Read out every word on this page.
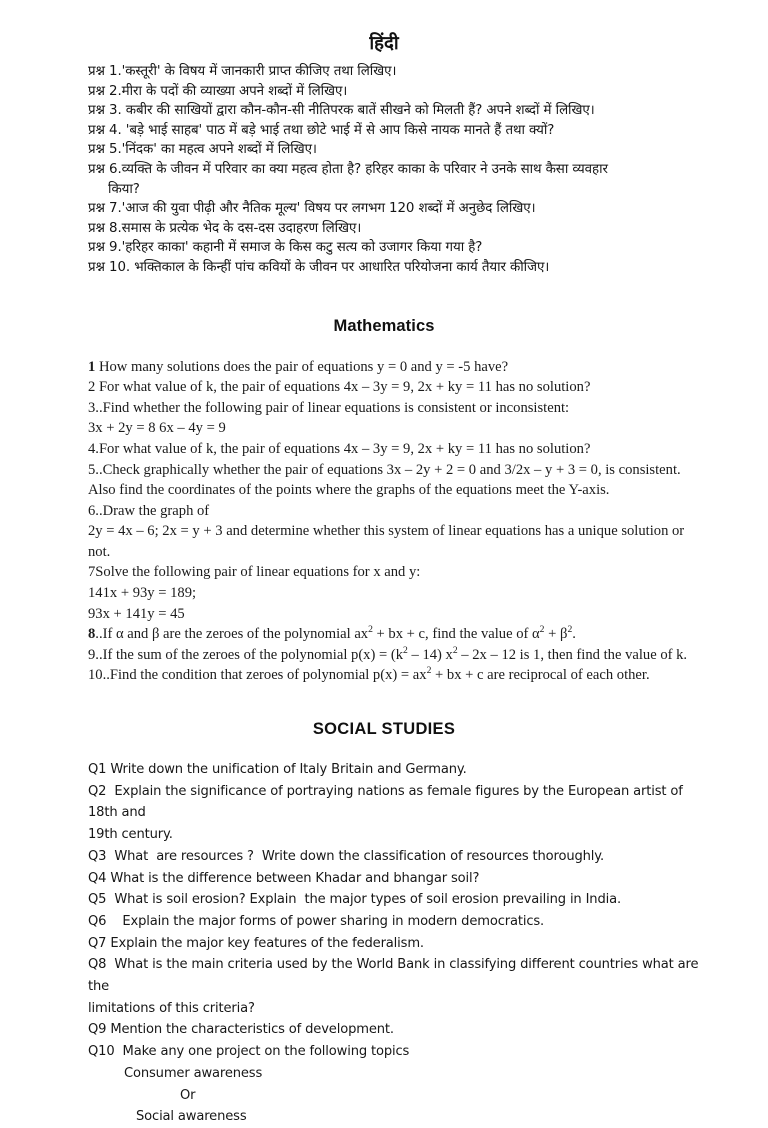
हिंदी
प्रश्न 1.'कस्तूरी' के विषय में जानकारी प्राप्त कीजिए तथा लिखिए।
प्रश्न 2.मीरा के पदों की व्याख्या अपने शब्दों में लिखिए।
प्रश्न 3. कबीर की साखियों द्वारा कौन-कौन-सी नीतिपरक बातें सीखने को मिलती हैं? अपने शब्दों में लिखिए।
प्रश्न 4. 'बड़े भाई साहब' पाठ में बड़े भाई तथा छोटे भाई में से आप किसे नायक मानते हैं तथा क्यों?
प्रश्न 5.'निंदक' का महत्व अपने शब्दों में लिखिए।
प्रश्न 6.व्यक्ति के जीवन में परिवार का क्या महत्व होता है? हरिहर काका के परिवार ने उनके साथ कैसा व्यवहार
किया?
प्रश्न 7.'आज की युवा पीढ़ी और नैतिक मूल्य' विषय पर लगभग 120 शब्दों में अनुछेद लिखिए।
प्रश्न 8.समास के प्रत्येक भेद के दस-दस उदाहरण लिखिए।
प्रश्न 9.'हरिहर काका' कहानी में समाज के किस कटु सत्य को उजागर किया गया है?
प्रश्न 10. भक्तिकाल के किन्हीं पांच कवियों के जीवन पर आधारित परियोजना कार्य तैयार कीजिए।
Mathematics
1 How many solutions does the pair of equations y = 0 and y = -5 have?
2 For what value of k, the pair of equations 4x – 3y = 9, 2x + ky = 11 has no solution?
3..Find whether the following pair of linear equations is consistent or inconsistent:
3x + 2y = 8 6x – 4y = 9
4.For what value of k, the pair of equations 4x – 3y = 9, 2x + ky = 11 has no solution?
5..Check graphically whether the pair of equations 3x – 2y + 2 = 0 and 3/2x – y + 3 = 0, is consistent.
Also find the coordinates of the points where the graphs of the equations meet the Y-axis.
6..Draw the graph of
2y = 4x – 6; 2x = y + 3 and determine whether this system of linear equations has a unique solution or
not.
7Solve the following pair of linear equations for x and y:
141x + 93y = 189;
93x + 141y = 45
8..If α and β are the zeroes of the polynomial $ax^2$ + bx + c, find the value of $\alpha^2 + \beta^2$.
9..If the sum of the zeroes of the polynomial $p(x) = (k^2 - 14)$ $x^2 - 2x - 12$ is 1, then find the value of k.
10..Find the condition that zeroes of polynomial $p(x) = ax^2$ + bx + c are reciprocal of each other.
SOCIAL STUDIES
Q1 Write down the unification of Italy Britain and Germany.
Q2  Explain the significance of portraying nations as female figures by the European artist of 18th and
19th century.
Q3  What  are resources ?  Write down the classification of resources thoroughly.
Q4 What is the difference between Khadar and bhangar soil?
Q5  What is soil erosion? Explain  the major types of soil erosion prevailing in India.
Q6    Explain the major forms of power sharing in modern democratics.
Q7 Explain the major key features of the federalism.
Q8  What is the main criteria used by the World Bank in classifying different countries what are the
limitations of this criteria?
Q9 Mention the characteristics of development.
Q10  Make any one project on the following topics
Consumer awareness
Or
Social awareness
